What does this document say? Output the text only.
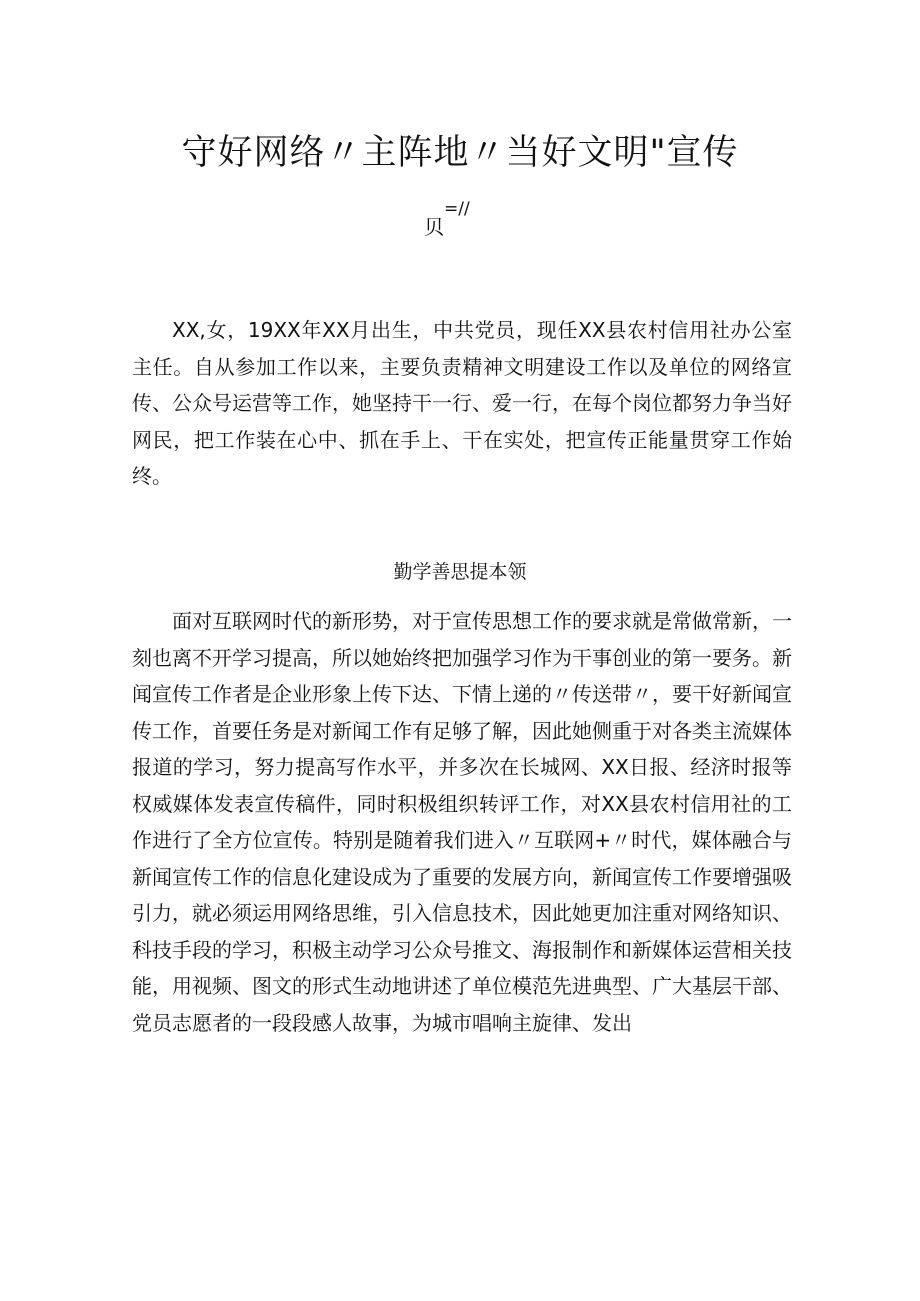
守好网络〃主阵地〃当好文明"宣传
=//
贝

XX,女，19XX年XX月出生，中共党员，现任XX县农村信用社办公室主任。自从参加工作以来，主要负责精神文明建设工作以及单位的网络宣传、公众号运营等工作，她坚持干一行、爱一行，在每个岗位都努力争当好网民，把工作装在心中、抓在手上、干在实处，把宣传正能量贯穿工作始终。

勤学善思提本领

面对互联网时代的新形势，对于宣传思想工作的要求就是常做常新，一刻也离不开学习提高，所以她始终把加强学习作为干事创业的第一要务。新闻宣传工作者是企业形象上传下达、下情上递的〃传送带〃，要干好新闻宣传工作，首要任务是对新闻工作有足够了解，因此她侧重于对各类主流媒体报道的学习，努力提高写作水平，并多次在长城网、XX日报、经济时报等权威媒体发表宣传稿件，同时积极组织转评工作，对XX县农村信用社的工作进行了全方位宣传。特别是随着我们进入〃互联网+〃时代，媒体融合与新闻宣传工作的信息化建设成为了重要的发展方向，新闻宣传工作要增强吸引力，就必须运用网络思维，引入信息技术，因此她更加注重对网络知识、科技手段的学习，积极主动学习公众号推文、海报制作和新媒体运营相关技能，用视频、图文的形式生动地讲述了单位模范先进典型、广大基层干部、党员志愿者的一段段感人故事，为城市唱响主旋律、发出
